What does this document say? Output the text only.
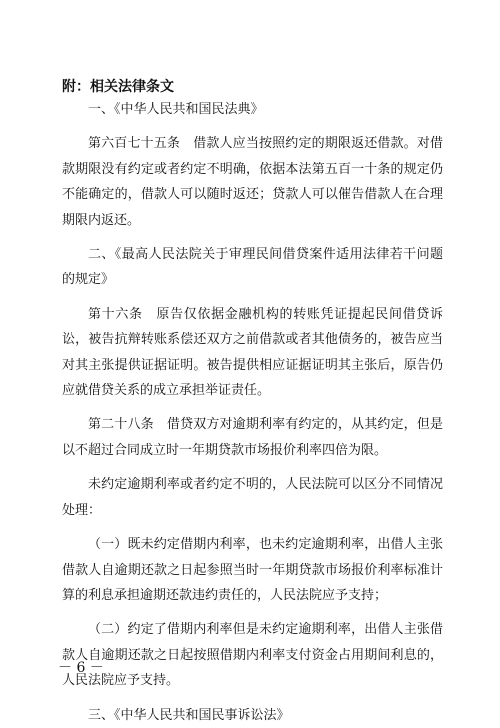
附：相关法律条文

一、《中华人民共和国民法典》

第六百七十五条　借款人应当按照约定的期限返还借款。对借款期限没有约定或者约定不明确，依据本法第五百一十条的规定仍不能确定的，借款人可以随时返还；贷款人可以催告借款人在合理期限内返还。

二、《最高人民法院关于审理民间借贷案件适用法律若干问题的规定》

第十六条　原告仅依据金融机构的转账凭证提起民间借贷诉讼，被告抗辩转账系偿还双方之前借款或者其他债务的，被告应当对其主张提供证据证明。被告提供相应证据证明其主张后，原告仍应就借贷关系的成立承担举证责任。

第二十八条　借贷双方对逾期利率有约定的，从其约定，但是以不超过合同成立时一年期贷款市场报价利率四倍为限。

未约定逾期利率或者约定不明的，人民法院可以区分不同情况处理：

（一）既未约定借期内利率，也未约定逾期利率，出借人主张借款人自逾期还款之日起参照当时一年期贷款市场报价利率标准计算的利息承担逾期还款违约责任的，人民法院应予支持；

（二）约定了借期内利率但是未约定逾期利率，出借人主张借款人自逾期还款之日起按照借期内利率支付资金占用期间利息的，人民法院应予支持。

三、《中华人民共和国民事诉讼法》

－ 6 －
